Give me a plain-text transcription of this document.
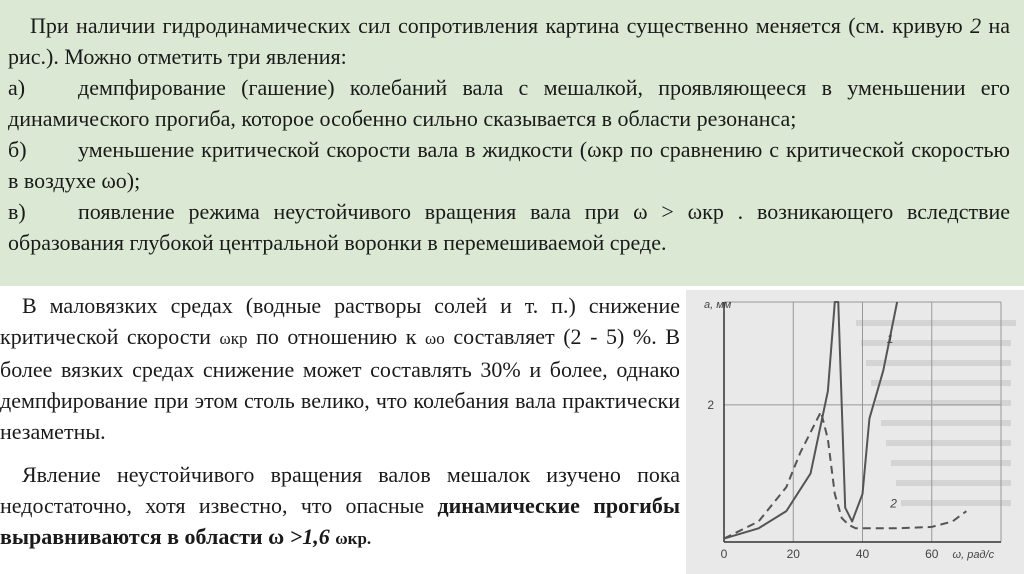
При наличии гидродинамических сил сопротивления картина существенно меняется (см. кривую 2 на рис.). Можно отметить три явления:

а) демпфирование (гашение) колебаний вала с мешалкой, проявляющееся в уменьшении его динамического прогиба, которое особенно сильно сказывается в области резонанса;

б) уменьшение критической скорости вала в жидкости (ωкр по сравнению с критической скоростью в воздухе ωо);

в) появление режима неустойчивого вращения вала при ω > ωкр . возникающего вследствие образования глубокой центральной воронки в перемешиваемой среде.

В маловязких средах (водные растворы солей и т. п.) снижение критической скорости ωкр по отношению к ωо составляет (2 - 5) %. В более вязких средах снижение может составлять 30% и более, однако демпфирование при этом столь велико, что колебания вала практически незаметны.

Явление неустойчивого вращения валов мешалок изучено пока недостаточно, хотя известно, что опасные динамические прогибы выравниваются в области ω >1,6 ωкр.

0	20	40	60
2
а, мм
ω, рад/с
1
2
